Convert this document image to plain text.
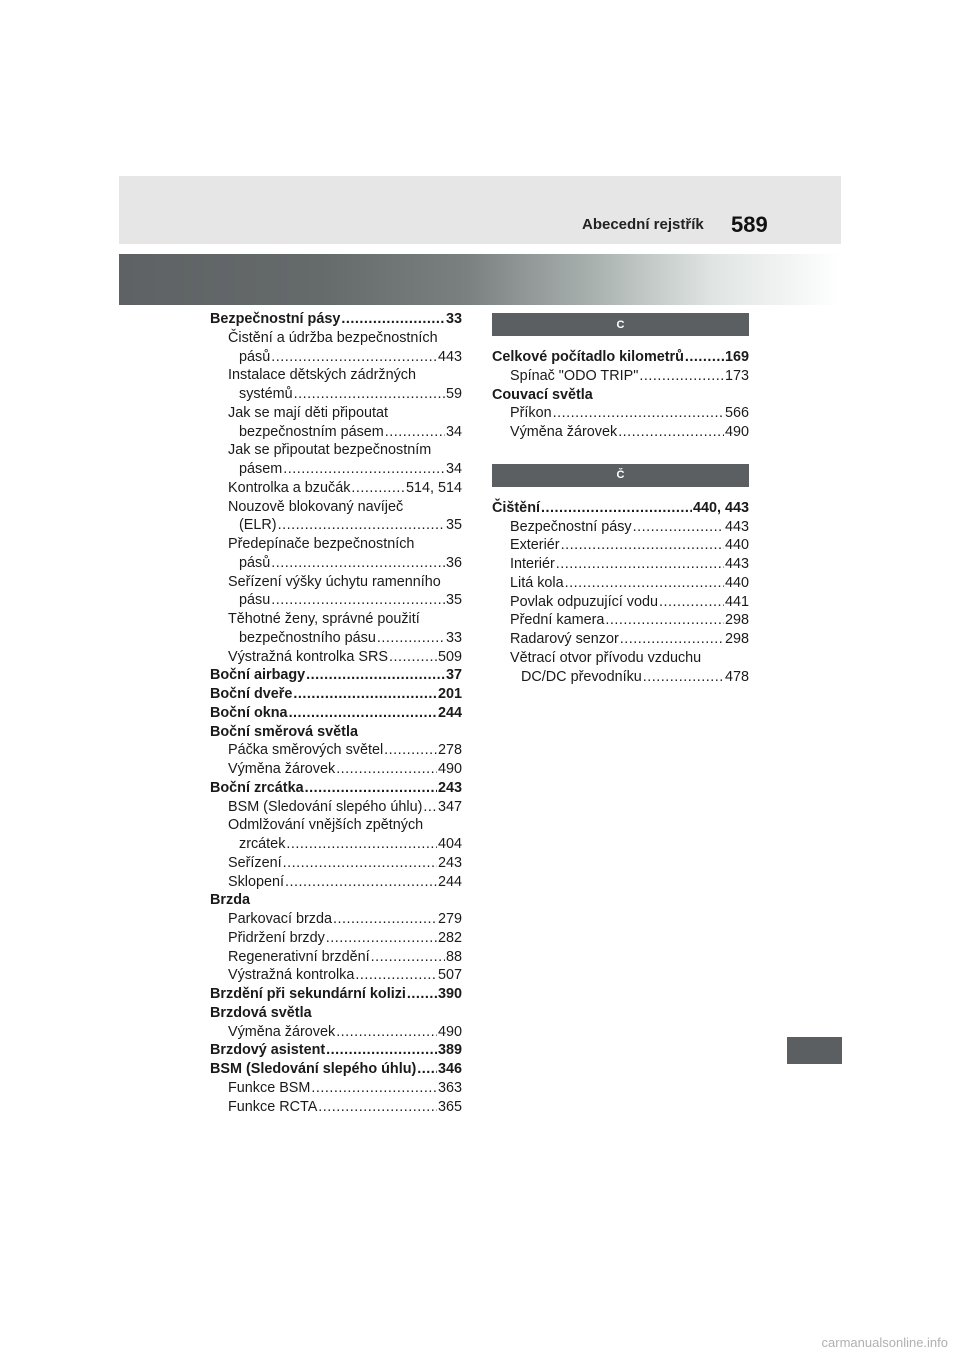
Abecední rejstřík 589
Bezpečnostní pásy .....	33
Čistění a údržba bezpečnostních
pásů .....	443
Instalace dětských zádržných
systémů .....	59
Jak se mají děti připoutat
bezpečnostním pásem .....	34
Jak se připoutat bezpečnostním
pásem .....	34
Kontrolka a bzučák .....	514, 514
Nouzově blokovaný navíječ
(ELR) .....	35
Předepínače bezpečnostních
pásů .....	36
Seřízení výšky úchytu ramenního
pásu .....	35
Těhotné ženy, správné použití
bezpečnostního pásu .....	33
Výstražná kontrolka SRS .....	509
Boční airbagy .....	37
Boční dveře .....	201
Boční okna .....	244
Boční směrová světla
Páčka směrových světel .....	278
Výměna žárovek .....	490
Boční zrcátka .....	243
BSM (Sledování slepého úhlu) ..... 347
Odmlžování vnějších zpětných
zrcátek .....	404
Seřízení .....	243
Sklopení .....	244
Brzda
Parkovací brzda .....	279
Přidržení brzdy .....	282
Regenerativní brzdění .....	88
Výstražná kontrolka .....	507
Brzdění při sekundární kolizi ..... 390
Brzdová světla
Výměna žárovek .....	490
Brzdový asistent .....	389
BSM (Sledování slepého úhlu) ..... 346
Funkce BSM .....	363
Funkce RCTA .....	365
C
Celkové počítadlo kilometrů .....	169
Spínač "ODO TRIP" .....	173
Couvací světla
Příkon .....	566
Výměna žárovek .....	490
Č
Čištění .....	440, 443
Bezpečnostní pásy .....	443
Exteriér .....	440
Interiér .....	443
Litá kola .....	440
Povlak odpuzující vodu .....	441
Přední kamera .....	298
Radarový senzor .....	298
Větrací otvor přívodu vzduchu
DC/DC převodníku .....	478
carmanualsonline.info
